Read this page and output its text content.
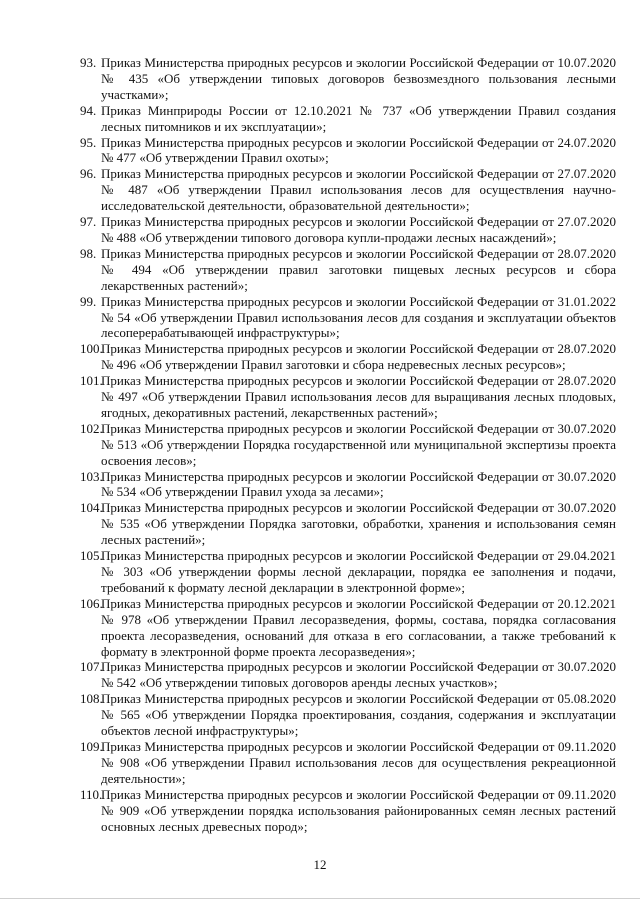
93. Приказ Министерства природных ресурсов и экологии Российской Федерации от 10.07.2020 № 435 «Об утверждении типовых договоров безвозмездного пользования лесными участками»;
94. Приказ Минприроды России от 12.10.2021 № 737 «Об утверждении Правил создания лесных питомников и их эксплуатации»;
95. Приказ Министерства природных ресурсов и экологии Российской Федерации от 24.07.2020 № 477 «Об утверждении Правил охоты»;
96. Приказ Министерства природных ресурсов и экологии Российской Федерации от 27.07.2020 № 487 «Об утверждении Правил использования лесов для осуществления научно-исследовательской деятельности, образовательной деятельности»;
97. Приказ Министерства природных ресурсов и экологии Российской Федерации от 27.07.2020 № 488 «Об утверждении типового договора купли-продажи лесных насаждений»;
98. Приказ Министерства природных ресурсов и экологии Российской Федерации от 28.07.2020 № 494 «Об утверждении правил заготовки пищевых лесных ресурсов и сбора лекарственных растений»;
99. Приказ Министерства природных ресурсов и экологии Российской Федерации от 31.01.2022 № 54 «Об утверждении Правил использования лесов для создания и эксплуатации объектов лесоперерабатывающей инфраструктуры»;
100.
Приказ Министерства природных ресурсов и экологии Российской Федерации от 28.07.2020 № 496 «Об утверждении Правил заготовки и сбора недревесных лесных ресурсов»;
101.
Приказ Министерства природных ресурсов и экологии Российской Федерации от 28.07.2020 № 497 «Об утверждении Правил использования лесов для выращивания лесных плодовых, ягодных, декоративных растений, лекарственных растений»;
102.
Приказ Министерства природных ресурсов и экологии Российской Федерации от 30.07.2020 № 513 «Об утверждении Порядка государственной или муниципальной экспертизы проекта освоения лесов»;
103.
Приказ Министерства природных ресурсов и экологии Российской Федерации от 30.07.2020 № 534 «Об утверждении Правил ухода за лесами»;
104.
Приказ Министерства природных ресурсов и экологии Российской Федерации от 30.07.2020 № 535 «Об утверждении Порядка заготовки, обработки, хранения и использования семян лесных растений»;
105.
Приказ Министерства природных ресурсов и экологии Российской Федерации от 29.04.2021 № 303 «Об утверждении формы лесной декларации, порядка ее заполнения и подачи, требований к формату лесной декларации в электронной форме»;
106.
Приказ Министерства природных ресурсов и экологии Российской Федерации от 20.12.2021 № 978 «Об утверждении Правил лесоразведения, формы, состава, порядка согласования проекта лесоразведения, оснований для отказа в его согласовании, а также требований к формату в электронной форме проекта лесоразведения»;
107.
Приказ Министерства природных ресурсов и экологии Российской Федерации от 30.07.2020 № 542 «Об утверждении типовых договоров аренды лесных участков»;
108.
Приказ Министерства природных ресурсов и экологии Российской Федерации от 05.08.2020 № 565 «Об утверждении Порядка проектирования, создания, содержания и эксплуатации объектов лесной инфраструктуры»;
109.
Приказ Министерства природных ресурсов и экологии Российской Федерации от 09.11.2020 № 908 «Об утверждении Правил использования лесов для осуществления рекреационной деятельности»;
110.
Приказ Министерства природных ресурсов и экологии Российской Федерации от 09.11.2020 № 909 «Об утверждении порядка использования районированных семян лесных растений основных лесных древесных пород»;
12
